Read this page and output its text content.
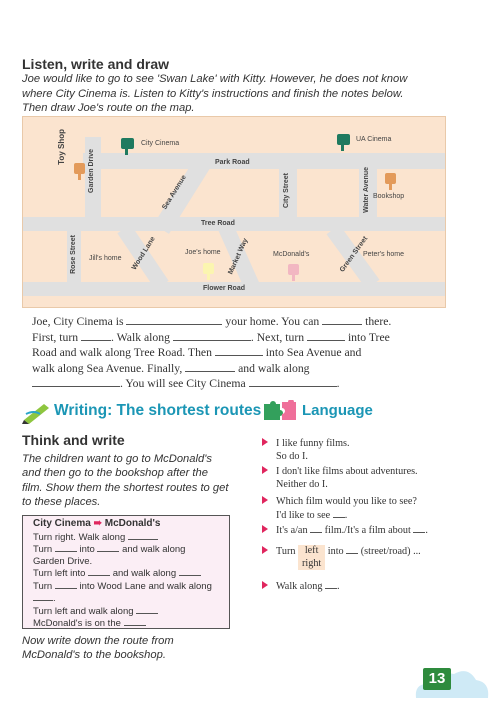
Listen, write and draw
Joe would like to go to see 'Swan Lake' with Kitty. However, he does not know
where City Cinema is. Listen to Kitty's instructions and finish the notes below.
Then draw Joe's route on the map.
Park Road
Tree Road
Flower Road
Garden Drive	City Street	Water Avenue
Rose Street
Sea Avenue
Wood Lane	Market Way	Green Street
Toy Shop	City Cinema
UA Cinema
Bookshop
Jill's home
Joe's home	McDonald's	Peter's home
Joe, City Cinema is	your home. You can	there.
First, turn	. Walk along	. Next, turn	into Tree
Road and walk along Tree Road. Then	into Sea Avenue and
walk along Sea Avenue. Finally,	and walk along
. You will see City Cinema	.
Writing: The shortest routes
Think and write
The children want to go to McDonald's
and then go to the bookshop after the
film. Show them the shortest routes to get
to these places.
City Cinema ➠ McDonald's
Turn right. Walk along
Turn	into	and walk along
Garden Drive.
Turn left into	and walk along
Turn	into Wood Lane and walk along
.
Turn left and walk along
McDonald's is on the
Now write down the route from
McDonald's to the bookshop.
Language
I like funny films.
So do I.
I don't like films about adventures.
Neither do I.
Which film would you like to see?
I'd like to see .
It's a/an film./It's a film about .
Turn left
right into (street/road) ...
Walk along .
13
